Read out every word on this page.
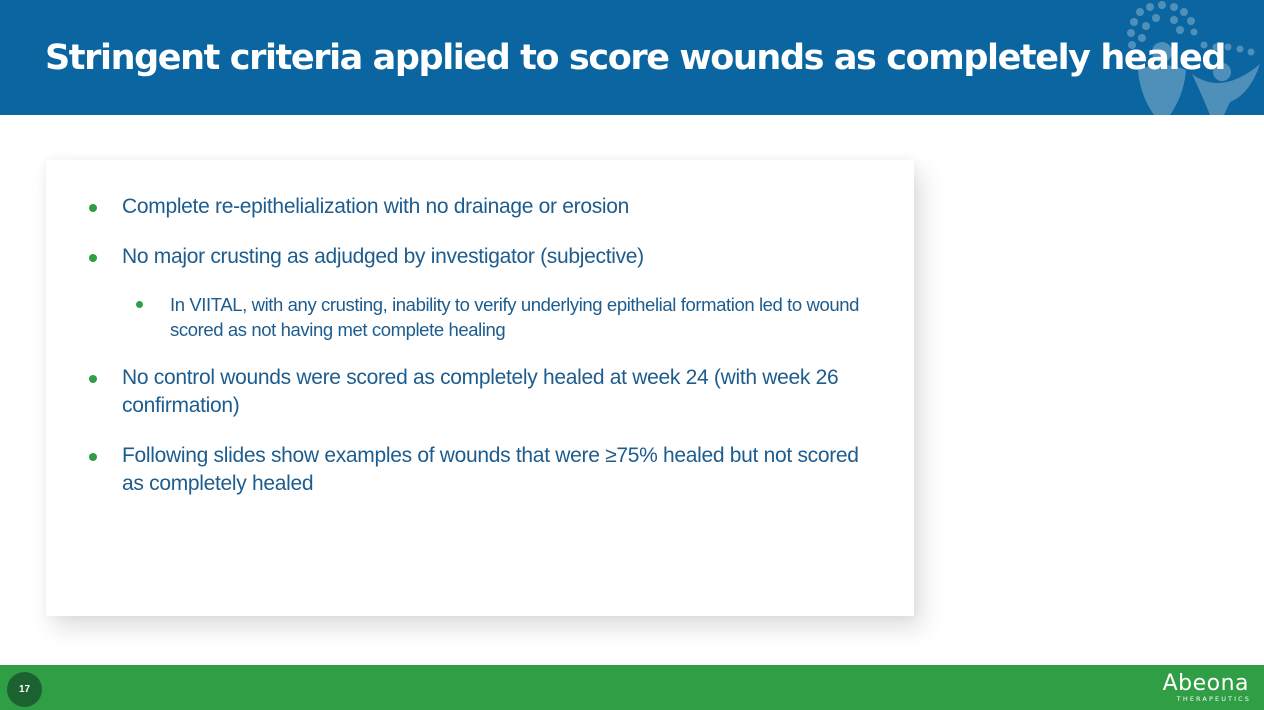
Stringent criteria applied to score wounds as completely healed
Complete re-epithelialization with no drainage or erosion
No major crusting as adjudged by investigator (subjective)
In VIITAL, with any crusting, inability to verify underlying epithelial formation led to wound scored as not having met complete healing
No control wounds were scored as completely healed at week 24 (with week 26 confirmation)
Following slides show examples of wounds that were ≥75% healed but not scored as completely healed
17	Abeona
THERAPEUTICS
